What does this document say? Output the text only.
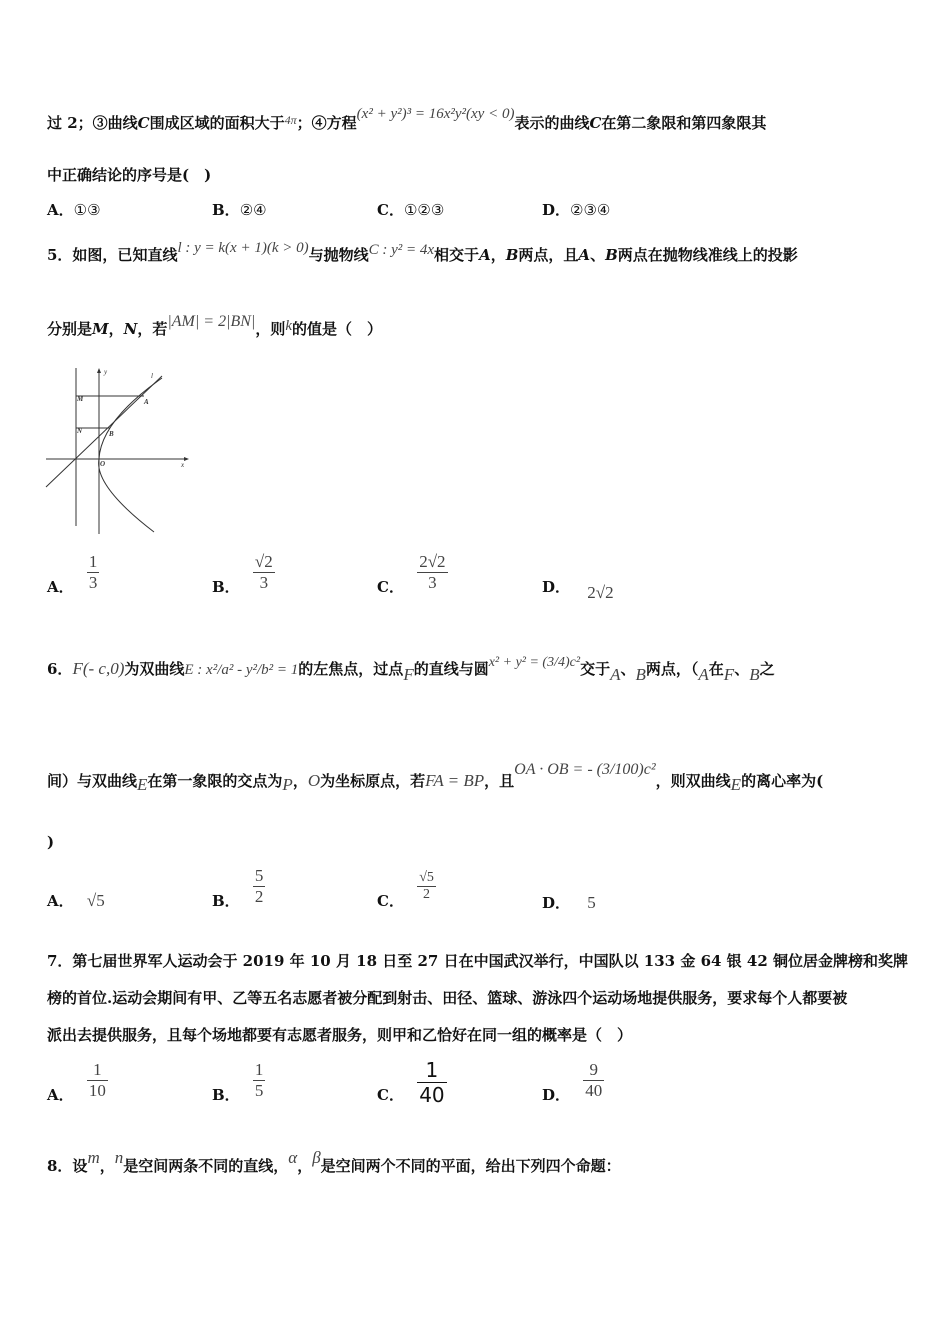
过 2；③曲线C围成区域的面积大于$^{4\pi}$；④方程(x² + y²)³ = 16x²y²(xy < 0)表示的曲线C在第二象限和第四象限其
中正确结论的序号是(　)
A．①③	B．②④	C．①②③	D．②③④
5．如图，已知直线l : y = k(x + 1)(k > 0)与抛物线C : y² = 4x相交于A，B两点，且A、B两点在抛物线准线上的投影
分别是M，N，若|AM| = 2|BN|，则k的值是（　）
y
x
M
N
A
B
O
l
A． $\frac{1}{3}$	B． $\frac{√2}{3}$	C． $\frac{2√2}{3}$	D． 2√2
6．F(- c,0)为双曲线E : x²/a² - y²/b² = 1的左焦点，过点F的直线与圆x² + y² = (3/4)c²交于A、B两点，（A在F、B之
间）与双曲线E在第一象限的交点为P，O为坐标原点，若FA = BP，且OA · OB = - (3/100)c²，则双曲线E的离心率为(
)
A． √5	B． $\frac{5}{2}$	C． $\frac{√5}{2}$	D． 5
7．第七届世界军人运动会于 2019 年 10 月 18 日至 27 日在中国武汉举行，中国队以 133 金 64 银 42 铜位居金牌榜和奖牌
榜的首位.运动会期间有甲、乙等五名志愿者被分配到射击、田径、篮球、游泳四个运动场地提供服务，要求每个人都要被
派出去提供服务，且每个场地都要有志愿者服务，则甲和乙恰好在同一组的概率是（　）
A． $\frac{1}{10}$	B． $\frac{1}{5}$	C． $\frac{1}{40}$	D． $\frac{9}{40}$
8．设m，n是空间两条不同的直线，α，β是空间两个不同的平面，给出下列四个命题：
